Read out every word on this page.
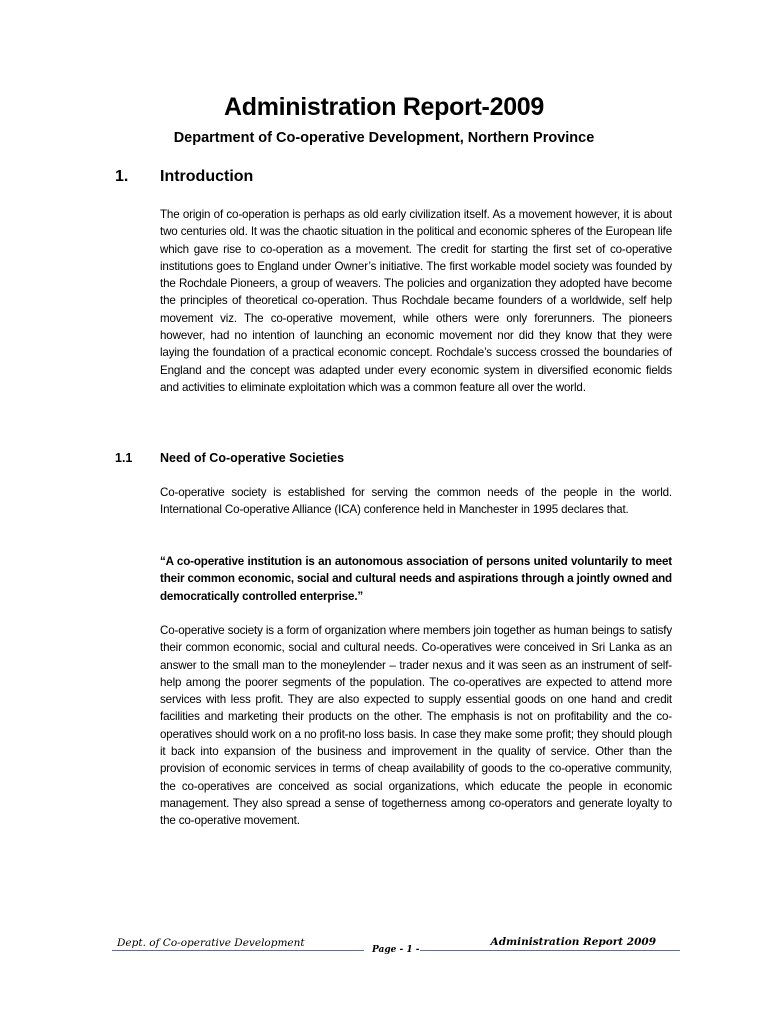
Administration Report-2009
Department of Co-operative Development, Northern Province
1. Introduction

The origin of co-operation is perhaps as old early civilization itself. As a movement however, it is about two centuries old. It was the chaotic situation in the political and economic spheres of the European life which gave rise to co-operation as a movement. The credit for starting the first set of co-operative institutions goes to England under Owner’s initiative. The first workable model society was founded by the Rochdale Pioneers, a group of weavers. The policies and organization they adopted have become the principles of theoretical co-operation. Thus Rochdale became founders of a worldwide, self help movement viz. The co-operative movement, while others were only forerunners. The pioneers however, had no intention of launching an economic movement nor did they know that they were laying the foundation of a practical economic concept. Rochdale’s success crossed the boundaries of England and the concept was adapted under every economic system in diversified economic fields and activities to eliminate exploitation which was a common feature all over the world.

1.1 Need of Co-operative Societies

Co-operative society is established for serving the common needs of the people in the world. International Co-operative Alliance (ICA) conference held in Manchester in 1995 declares that.

“A co-operative institution is an autonomous association of persons united voluntarily to meet their common economic, social and cultural needs and aspirations through a jointly owned and democratically controlled enterprise.”

Co-operative society is a form of organization where members join together as human beings to satisfy their common economic, social and cultural needs. Co-operatives were conceived in Sri Lanka as an answer to the small man to the moneylender – trader nexus and it was seen as an instrument of self-help among the poorer segments of the population. The co-operatives are expected to attend more services with less profit. They are also expected to supply essential goods on one hand and credit facilities and marketing their products on the other. The emphasis is not on profitability and the co-operatives should work on a no profit-no loss basis. In case they make some profit; they should plough it back into expansion of the business and improvement in the quality of service. Other than the provision of economic services in terms of cheap availability of goods to the co-operative community, the co-operatives are conceived as social organizations, which educate the people in economic management. They also spread a sense of togetherness among co-operators and generate loyalty to the co-operative movement.

Dept. of Co-operative Development
Page - 1 -
Administration Report 2009
